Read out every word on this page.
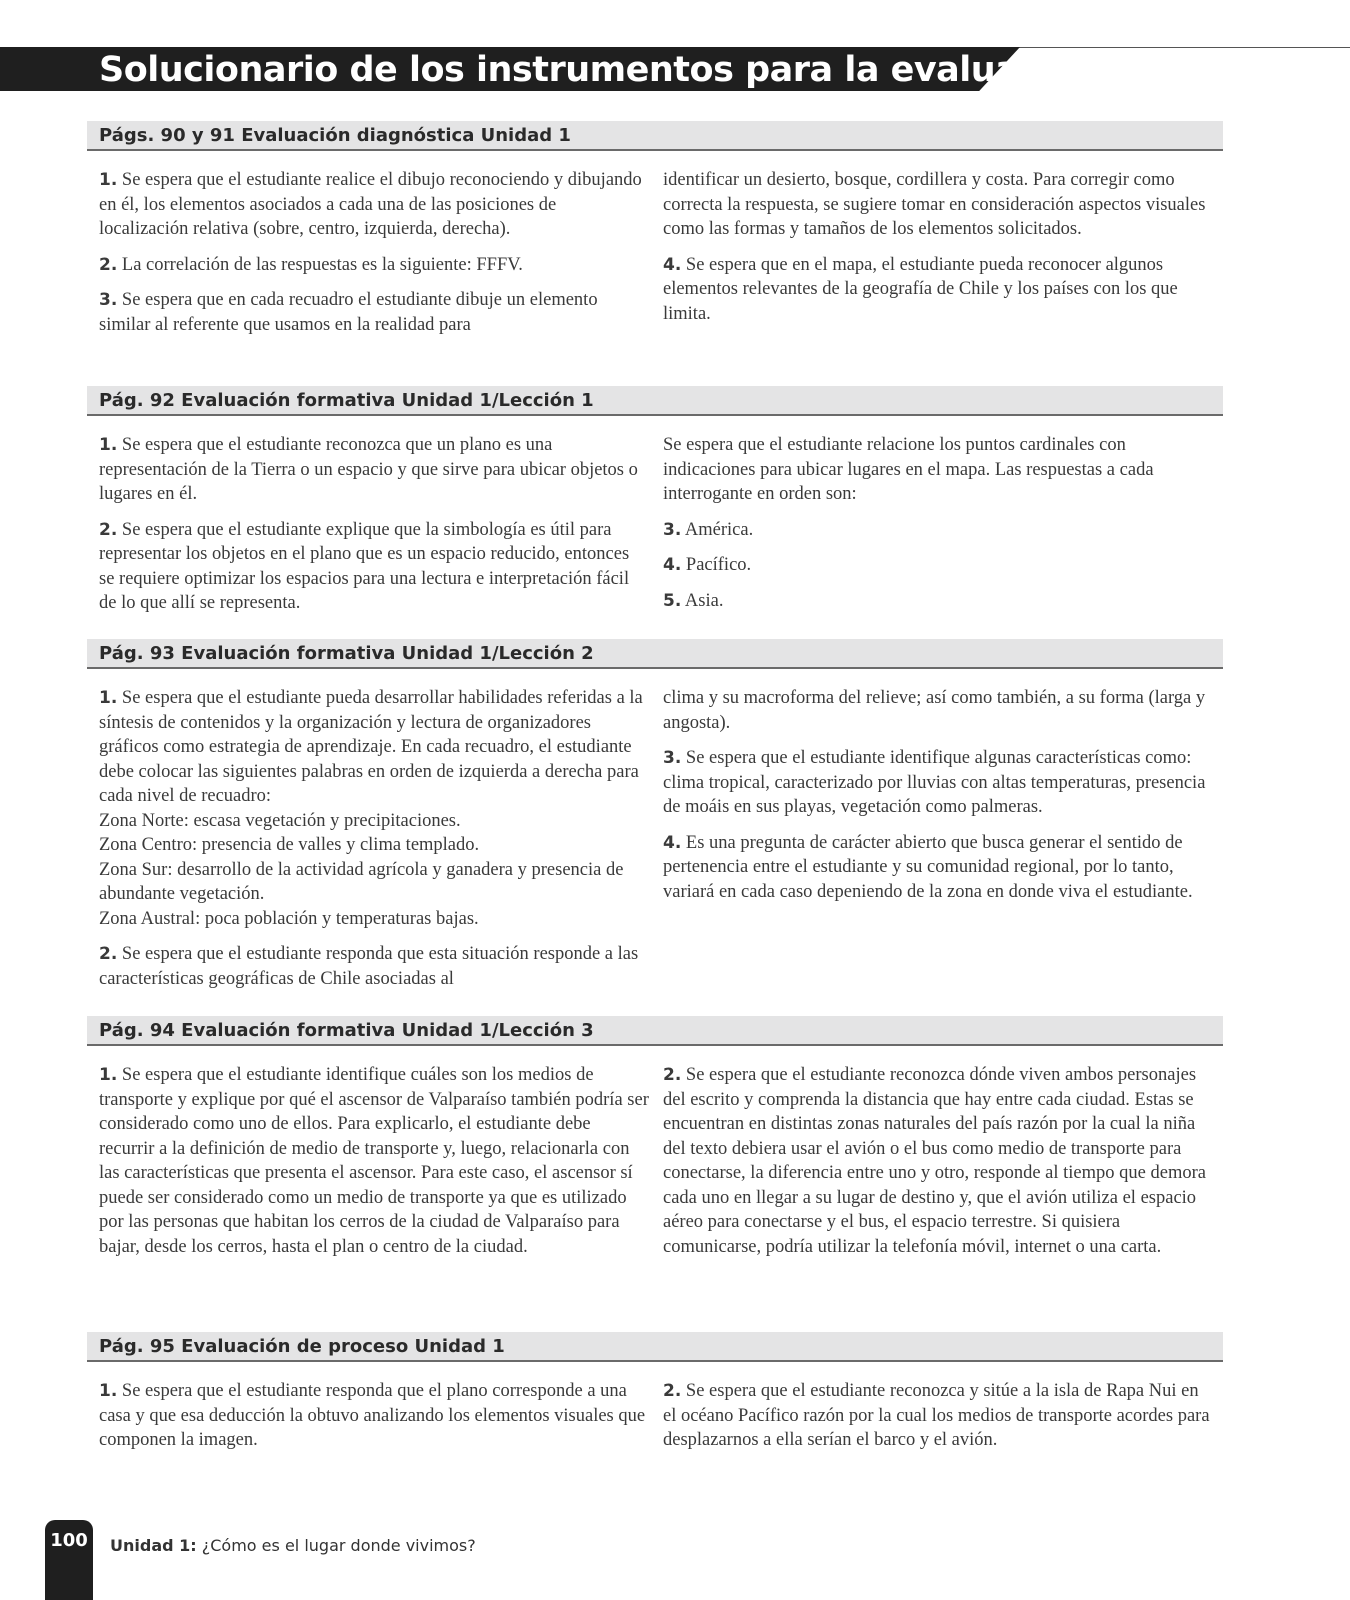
Solucionario de los instrumentos para la evaluación
Págs. 90 y 91 Evaluación diagnóstica Unidad 1

1. Se espera que el estudiante realice el dibujo reconociendo y dibujando en él, los elementos asociados a cada una de las posiciones de localización relativa (sobre, centro, izquierda, derecha).

2. La correlación de las respuestas es la siguiente: FFFV.

3. Se espera que en cada recuadro el estudiante dibuje un elemento similar al referente que usamos en la realidad para

identificar un desierto, bosque, cordillera y costa. Para corregir como correcta la respuesta, se sugiere tomar en consideración aspectos visuales como las formas y tamaños de los elementos solicitados.

4. Se espera que en el mapa, el estudiante pueda reconocer algunos elementos relevantes de la geografía de Chile y los países con los que limita.

Pág. 92 Evaluación formativa Unidad 1/Lección 1

1. Se espera que el estudiante reconozca que un plano es una representación de la Tierra o un espacio y que sirve para ubicar objetos o lugares en él.

2. Se espera que el estudiante explique que la simbología es útil para representar los objetos en el plano que es un espacio reducido, entonces se requiere optimizar los espacios para una lectura e interpretación fácil de lo que allí se representa.

Se espera que el estudiante relacione los puntos cardinales con indicaciones para ubicar lugares en el mapa. Las respuestas a cada interrogante en orden son:

3. América.

4. Pacífico.

5. Asia.

Pág. 93 Evaluación formativa Unidad 1/Lección 2

1. Se espera que el estudiante pueda desarrollar habilidades referidas a la síntesis de contenidos y la organización y lectura de organizadores gráficos como estrategia de aprendizaje. En cada recuadro, el estudiante debe colocar las siguientes palabras en orden de izquierda a derecha para cada nivel de recuadro:
Zona Norte: escasa vegetación y precipitaciones.
Zona Centro: presencia de valles y clima templado.
Zona Sur: desarrollo de la actividad agrícola y ganadera y presencia de abundante vegetación.
Zona Austral: poca población y temperaturas bajas.

2. Se espera que el estudiante responda que esta situación responde a las características geográficas de Chile asociadas al

clima y su macroforma del relieve; así como también, a su forma (larga y angosta).

3. Se espera que el estudiante identifique algunas características como: clima tropical, caracterizado por lluvias con altas temperaturas, presencia de moáis en sus playas, vegetación como palmeras.

4. Es una pregunta de carácter abierto que busca generar el sentido de pertenencia entre el estudiante y su comunidad regional, por lo tanto, variará en cada caso depeniendo de la zona en donde viva el estudiante.

Pág. 94 Evaluación formativa Unidad 1/Lección 3

1. Se espera que el estudiante identifique cuáles son los medios de transporte y explique por qué el ascensor de Valparaíso también podría ser considerado como uno de ellos. Para explicarlo, el estudiante debe recurrir a la definición de medio de transporte y, luego, relacionarla con las características que presenta el ascensor. Para este caso, el ascensor sí puede ser considerado como un medio de transporte ya que es utilizado por las personas que habitan los cerros de la ciudad de Valparaíso para bajar, desde los cerros, hasta el plan o centro de la ciudad.

2. Se espera que el estudiante reconozca dónde viven ambos personajes del escrito y comprenda la distancia que hay entre cada ciudad. Estas se encuentran en distintas zonas naturales del país razón por la cual la niña del texto debiera usar el avión o el bus como medio de transporte para conectarse, la diferencia entre uno y otro, responde al tiempo que demora cada uno en llegar a su lugar de destino y, que el avión utiliza el espacio aéreo para conectarse y el bus, el espacio terrestre. Si quisiera comunicarse, podría utilizar la telefonía móvil, internet o una carta.

Pág. 95 Evaluación de proceso Unidad 1

1. Se espera que el estudiante responda que el plano corresponde a una casa y que esa deducción la obtuvo analizando los elementos visuales que componen la imagen.

2. Se espera que el estudiante reconozca y sitúe a la isla de Rapa Nui en el océano Pacífico razón por la cual los medios de transporte acordes para desplazarnos a ella serían el barco y el avión.

100	Unidad 1: ¿Cómo es el lugar donde vivimos?
